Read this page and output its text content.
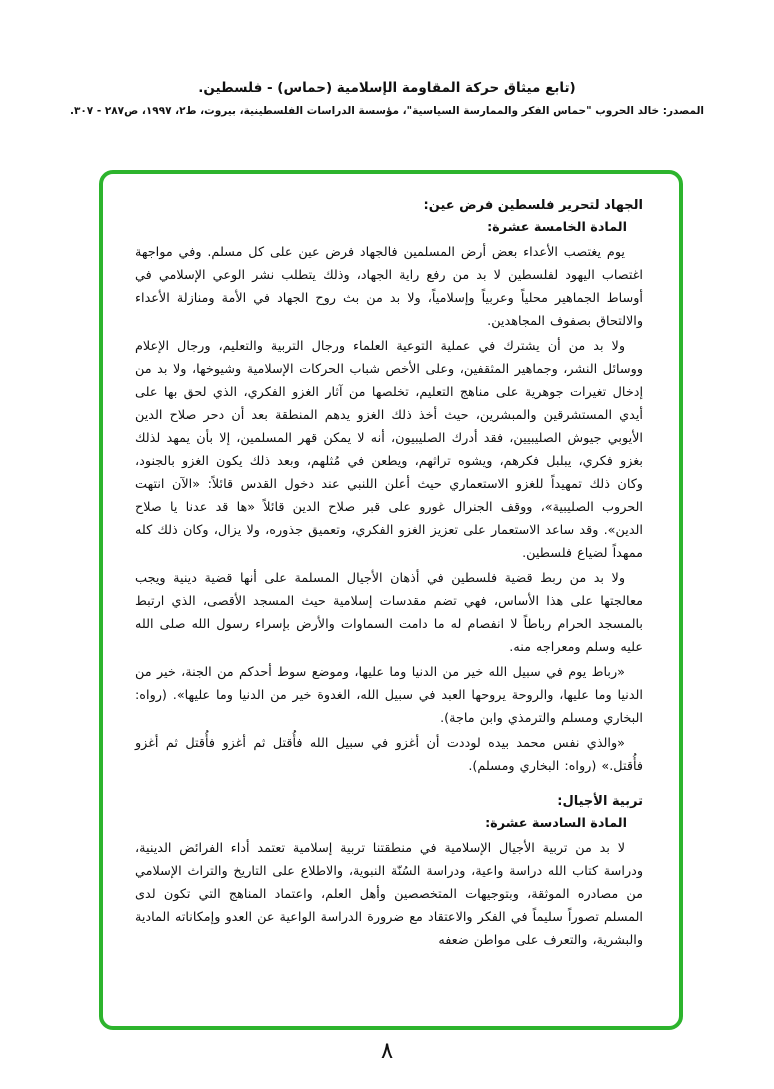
(تابع ميثاق حركة المقاومة الإسلامية (حماس) - فلسطين.
المصدر: خالد الحروب "حماس الفكر والممارسة السياسية"، مؤسسة الدراسات الفلسطينية، بيروت، ط٢، ١٩٩٧، ص٢٨٧ - ٣٠٧.
الجهاد لتحرير فلسطين فرض عين:
المادة الخامسة عشرة:

يوم يغتصب الأعداء بعض أرض المسلمين فالجهاد فرض عين على كل مسلم. وفي مواجهة اغتصاب اليهود لفلسطين لا بد من رفع راية الجهاد، وذلك يتطلب نشر الوعي الإسلامي في أوساط الجماهير محلياً وعربياً وإسلامياً، ولا بد من بث روح الجهاد في الأمة ومنازلة الأعداء والالتحاق بصفوف المجاهدين.

ولا بد من أن يشترك في عملية التوعية العلماء ورجال التربية والتعليم، ورجال الإعلام ووسائل النشر، وجماهير المثقفين، وعلى الأخص شباب الحركات الإسلامية وشيوخها، ولا بد من إدخال تغيرات جوهرية على مناهج التعليم، تخلصها من آثار الغزو الفكري، الذي لحق بها على أيدي المستشرقين والمبشرين، حيث أخذ ذلك الغزو يدهم المنطقة بعد أن دحر صلاح الدين الأيوبي جيوش الصليبيين، فقد أدرك الصليبيون، أنه لا يمكن قهر المسلمين، إلا بأن يمهد لذلك بغزو فكري، يبلبل فكرهم، ويشوه تراثهم، ويطعن في مُثلهم، وبعد ذلك يكون الغزو بالجنود، وكان ذلك تمهيداً للغزو الاستعماري حيث أعلن اللنبي عند دخول القدس قائلاً: «الآن انتهت الحروب الصليبية»، ووقف الجنرال غورو على قبر صلاح الدين قائلاً «ها قد عدنا يا صلاح الدين». وقد ساعد الاستعمار على تعزيز الغزو الفكري، وتعميق جذوره، ولا يزال، وكان ذلك كله ممهداً لضياع فلسطين.

ولا بد من ربط قضية فلسطين في أذهان الأجيال المسلمة على أنها قضية دينية ويجب معالجتها على هذا الأساس، فهي تضم مقدسات إسلامية حيث المسجد الأقصى، الذي ارتبط بالمسجد الحرام رباطاً لا انفصام له ما دامت السماوات والأرض بإسراء رسول الله صلى الله عليه وسلم ومعراجه منه.

«رباط يوم في سبيل الله خير من الدنيا وما عليها، وموضع سوط أحدكم من الجنة، خير من الدنيا وما عليها، والروحة يروحها العبد في سبيل الله، الغدوة خير من الدنيا وما عليها». (رواه: البخاري ومسلم والترمذي وابن ماجة).

«والذي نفس محمد بيده لوددت أن أغزو في سبيل الله فأُقتل ثم أغزو فأُقتل ثم أغزو فأُقتل.» (رواه: البخاري ومسلم).

تربية الأجيال:
المادة السادسة عشرة:

لا بد من تربية الأجيال الإسلامية في منطقتنا تربية إسلامية تعتمد أداء الفرائض الدينية، ودراسة كتاب الله دراسة واعية، ودراسة السُنّة النبوية، والاطلاع على التاريخ والتراث الإسلامي من مصادره الموثقة، وبتوجيهات المتخصصين وأهل العلم، واعتماد المناهج التي تكون لدى المسلم تصوراً سليماً في الفكر والاعتقاد مع ضرورة الدراسة الواعية عن العدو وإمكاناته المادية والبشرية، والتعرف على مواطن ضعفه

٨
